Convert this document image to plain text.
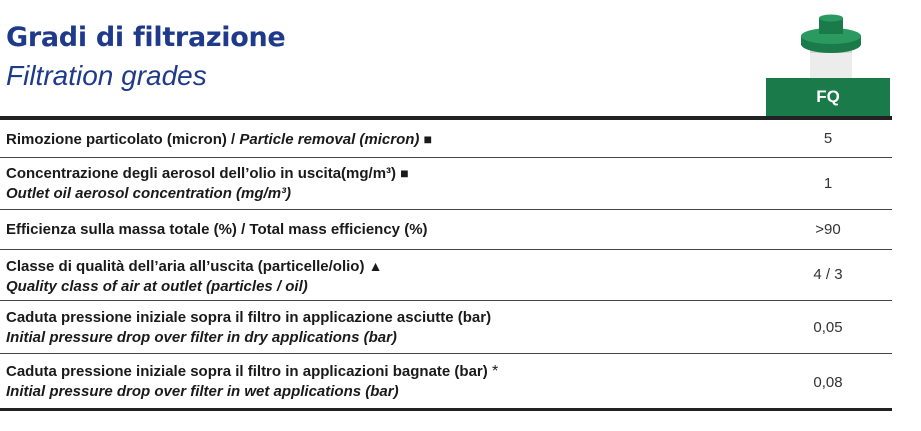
Gradi di filtrazione
Filtration grades
FQ
Rimozione particolato (micron) / Particle removal (micron) ■	5
Concentrazione degli aerosol dell’olio in uscita(mg/m³) ■
Outlet oil aerosol concentration (mg/m³)
1
Efficienza sulla massa totale (%) / Total mass efficiency (%)	>90
Classe di qualità dell’aria all’uscita (particelle/olio) ▲
Quality class of air at outlet (particles / oil)
4 / 3
Caduta pressione iniziale sopra il filtro in applicazione asciutte (bar)
Initial pressure drop over filter in dry applications (bar)
0,05
Caduta pressione iniziale sopra il filtro in applicazioni bagnate (bar) *
Initial pressure drop over filter in wet applications (bar)
0,08
